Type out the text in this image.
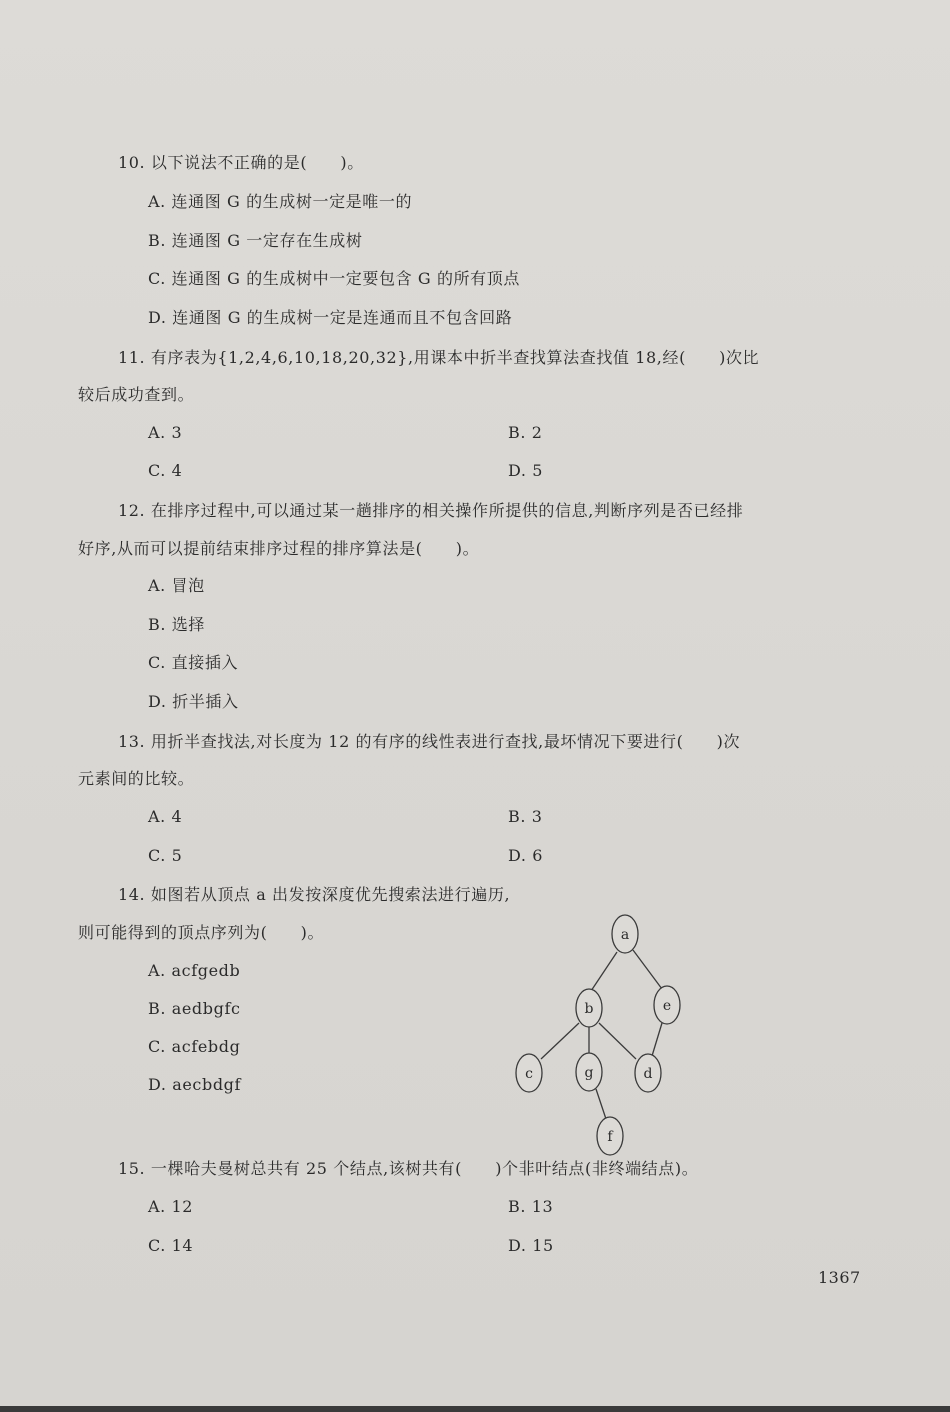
10. 以下说法不正确的是(　　)。
A. 连通图 G 的生成树一定是唯一的
B. 连通图 G 一定存在生成树
C. 连通图 G 的生成树中一定要包含 G 的所有顶点
D. 连通图 G 的生成树一定是连通而且不包含回路
11. 有序表为{1,2,4,6,10,18,20,32},用课本中折半查找算法查找值 18,经(　　)次比
较后成功查到。
A. 3	B. 2
C. 4	D. 5
12. 在排序过程中,可以通过某一趟排序的相关操作所提供的信息,判断序列是否已经排
好序,从而可以提前结束排序过程的排序算法是(　　)。
A. 冒泡
B. 选择
C. 直接插入
D. 折半插入
13. 用折半查找法,对长度为 12 的有序的线性表进行查找,最坏情况下要进行(　　)次
元素间的比较。
A. 4	B. 3
C. 5	D. 6
14. 如图若从顶点 a 出发按深度优先搜索法进行遍历,
则可能得到的顶点序列为(　　)。
A. acfgedb
B. aedbgfc
C. acfebdg
D. aecbdgf
a
b	e
c	g	d
f
15. 一棵哈夫曼树总共有 25 个结点,该树共有(　　)个非叶结点(非终端结点)。
A. 12	B. 13
C. 14	D. 15
1367
